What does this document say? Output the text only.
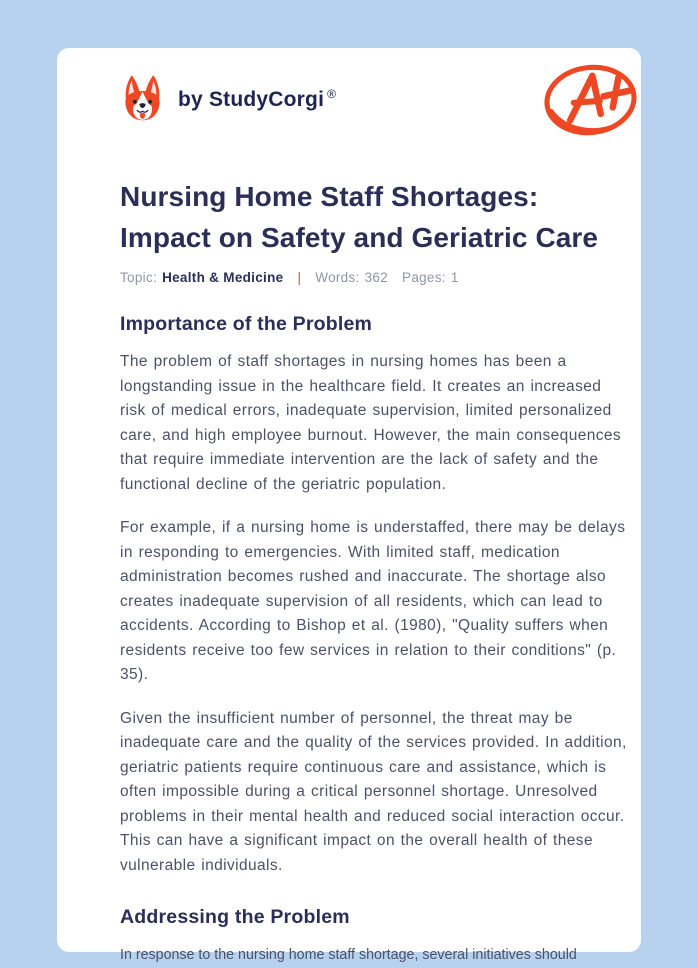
by StudyCorgi ®
Nursing Home Staff Shortages: Impact on Safety and Geriatric Care
Topic: Health & Medicine | Words: 362 Pages: 1
Importance of the Problem

The problem of staff shortages in nursing homes has been a longstanding issue in the healthcare field. It creates an increased risk of medical errors, inadequate supervision, limited personalized care, and high employee burnout. However, the main consequences that require immediate intervention are the lack of safety and the functional decline of the geriatric population.

For example, if a nursing home is understaffed, there may be delays in responding to emergencies. With limited staff, medication administration becomes rushed and inaccurate. The shortage also creates inadequate supervision of all residents, which can lead to accidents. According to Bishop et al. (1980), "Quality suffers when residents receive too few services in relation to their conditions" (p. 35).

Given the insufficient number of personnel, the threat may be inadequate care and the quality of the services provided. In addition, geriatric patients require continuous care and assistance, which is often impossible during a critical personnel shortage. Unresolved problems in their mental health and reduced social interaction occur. This can have a significant impact on the overall health of these vulnerable individuals.

Addressing the Problem

In response to the nursing home staff shortage, several initiatives should
